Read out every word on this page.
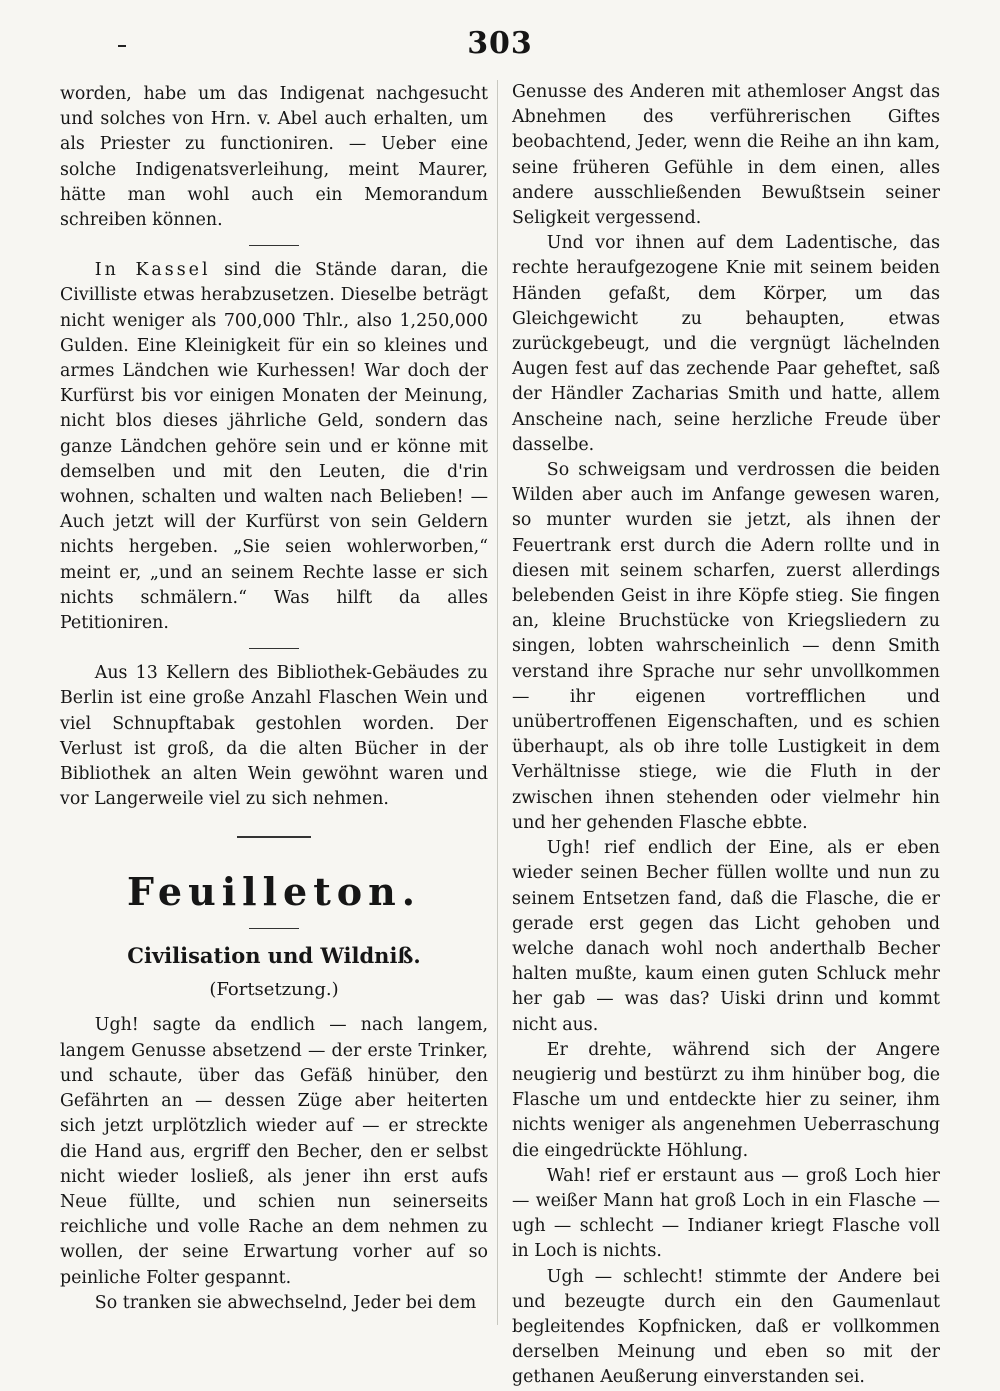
303

worden, habe um das Indigenat nachgesucht und solches von Hrn. v. Abel auch erhalten, um als Priester zu functioniren. — Ueber eine solche Indigenatsverleihung, meint Maurer, hätte man wohl auch ein Memorandum schreiben können.

In Kassel sind die Stände daran, die Civilliste etwas herabzusetzen. Dieselbe beträgt nicht weniger als 700,000 Thlr., also 1,250,000 Gulden. Eine Kleinigkeit für ein so kleines und armes Ländchen wie Kurhessen! War doch der Kurfürst bis vor einigen Monaten der Meinung, nicht blos dieses jährliche Geld, sondern das ganze Ländchen gehöre sein und er könne mit demselben und mit den Leuten, die d'rin wohnen, schalten und walten nach Belieben! — Auch jetzt will der Kurfürst von sein Geldern nichts hergeben. „Sie seien wohlerworben,“ meint er, „und an seinem Rechte lasse er sich nichts schmälern.“ Was hilft da alles Petitioniren.

Aus 13 Kellern des Bibliothek-Gebäudes zu Berlin ist eine große Anzahl Flaschen Wein und viel Schnupftabak gestohlen worden. Der Verlust ist groß, da die alten Bücher in der Bibliothek an alten Wein gewöhnt waren und vor Langerweile viel zu sich nehmen.

Feuilleton.
Civilisation und Wildniß.
(Fortsetzung.)

Ugh! sagte da endlich — nach langem, langem Genusse absetzend — der erste Trinker, und schaute, über das Gefäß hinüber, den Gefährten an — dessen Züge aber heiterten sich jetzt urplötzlich wieder auf — er streckte die Hand aus, ergriff den Becher, den er selbst nicht wieder losließ, als jener ihn erst aufs Neue füllte, und schien nun seinerseits reichliche und volle Rache an dem nehmen zu wollen, der seine Erwartung vorher auf so peinliche Folter gespannt.

So tranken sie abwechselnd, Jeder bei dem

Genusse des Anderen mit athemloser Angst das Abnehmen des verführerischen Giftes beobachtend, Jeder, wenn die Reihe an ihn kam, seine früheren Gefühle in dem einen, alles andere ausschließenden Bewußtsein seiner Seligkeit vergessend.

Und vor ihnen auf dem Ladentische, das rechte heraufgezogene Knie mit seinem beiden Händen gefaßt, dem Körper, um das Gleichgewicht zu behaupten, etwas zurückgebeugt, und die vergnügt lächelnden Augen fest auf das zechende Paar geheftet, saß der Händler Zacharias Smith und hatte, allem Anscheine nach, seine herzliche Freude über dasselbe.

So schweigsam und verdrossen die beiden Wilden aber auch im Anfange gewesen waren, so munter wurden sie jetzt, als ihnen der Feuertrank erst durch die Adern rollte und in diesen mit seinem scharfen, zuerst allerdings belebenden Geist in ihre Köpfe stieg. Sie fingen an, kleine Bruchstücke von Kriegsliedern zu singen, lobten wahrscheinlich — denn Smith verstand ihre Sprache nur sehr unvollkommen — ihr eigenen vortrefflichen und unübertroffenen Eigenschaften, und es schien überhaupt, als ob ihre tolle Lustigkeit in dem Verhältnisse stiege, wie die Fluth in der zwischen ihnen stehenden oder vielmehr hin und her gehenden Flasche ebbte.

Ugh! rief endlich der Eine, als er eben wieder seinen Becher füllen wollte und nun zu seinem Entsetzen fand, daß die Flasche, die er gerade erst gegen das Licht gehoben und welche danach wohl noch anderthalb Becher halten mußte, kaum einen guten Schluck mehr her gab — was das? Uiski drinn und kommt nicht aus.

Er drehte, während sich der Angere neugierig und bestürzt zu ihm hinüber bog, die Flasche um und entdeckte hier zu seiner, ihm nichts weniger als angenehmen Ueberraschung die eingedrückte Höhlung.

Wah! rief er erstaunt aus — groß Loch hier — weißer Mann hat groß Loch in ein Flasche — ugh — schlecht — Indianer kriegt Flasche voll in Loch is nichts.

Ugh — schlecht! stimmte der Andere bei und bezeugte durch ein den Gaumenlaut begleitendes Kopfnicken, daß er vollkommen derselben Meinung und eben so mit der gethanen Aeußerung einverstanden sei.
